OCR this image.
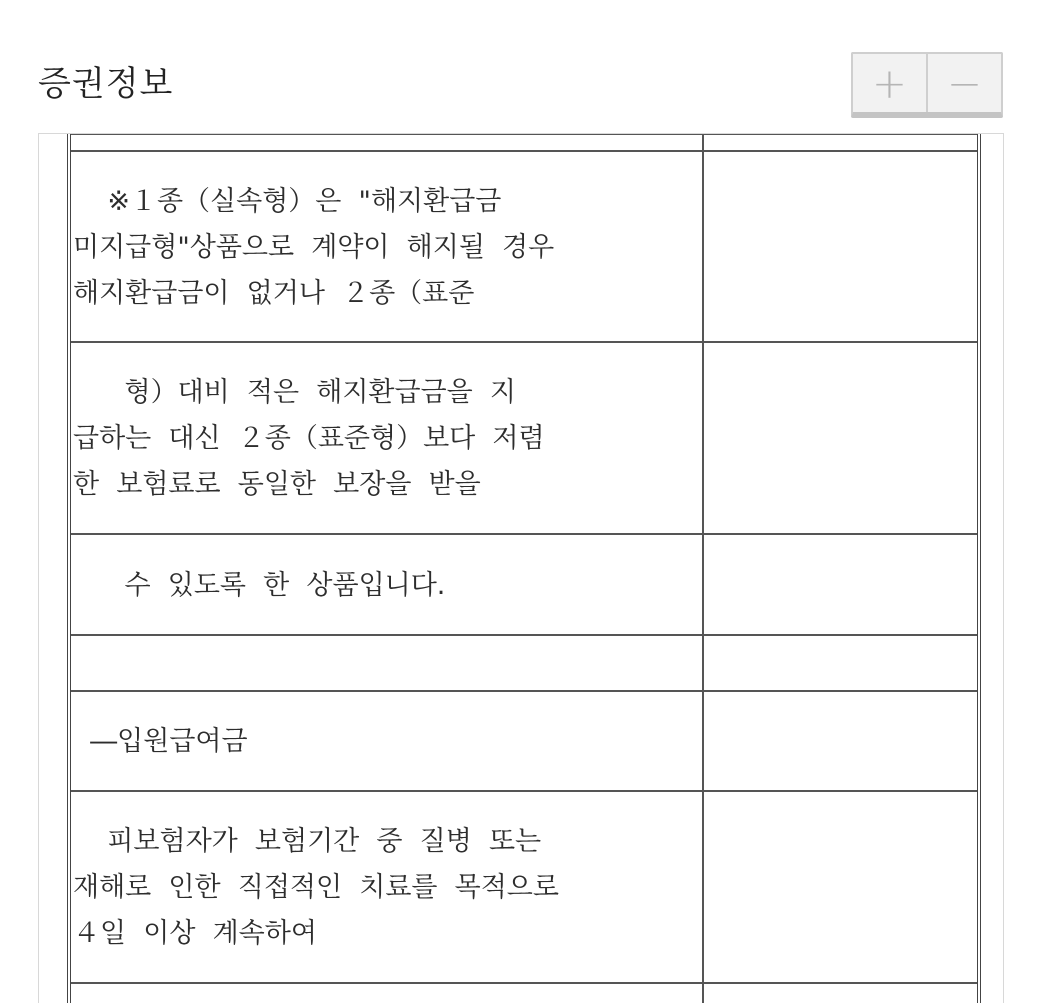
증권정보	+ −

※１종（실속형）은  "해지환급금
미지급형"상품으로  계약이  해지될  경우
해지환급금이  없거나  ２종（표준	

형）대비  적은  해지환급금을  지
급하는  대신  ２종（표준형）보다  저렴
한  보험료로  동일한  보장을  받을	

수  있도록  한  상품입니다.	

―입원급여금	

피보험자가  보험기간  중  질병  또는
재해로  인한  직접적인  치료를  목적으로
４일  이상  계속하여	
